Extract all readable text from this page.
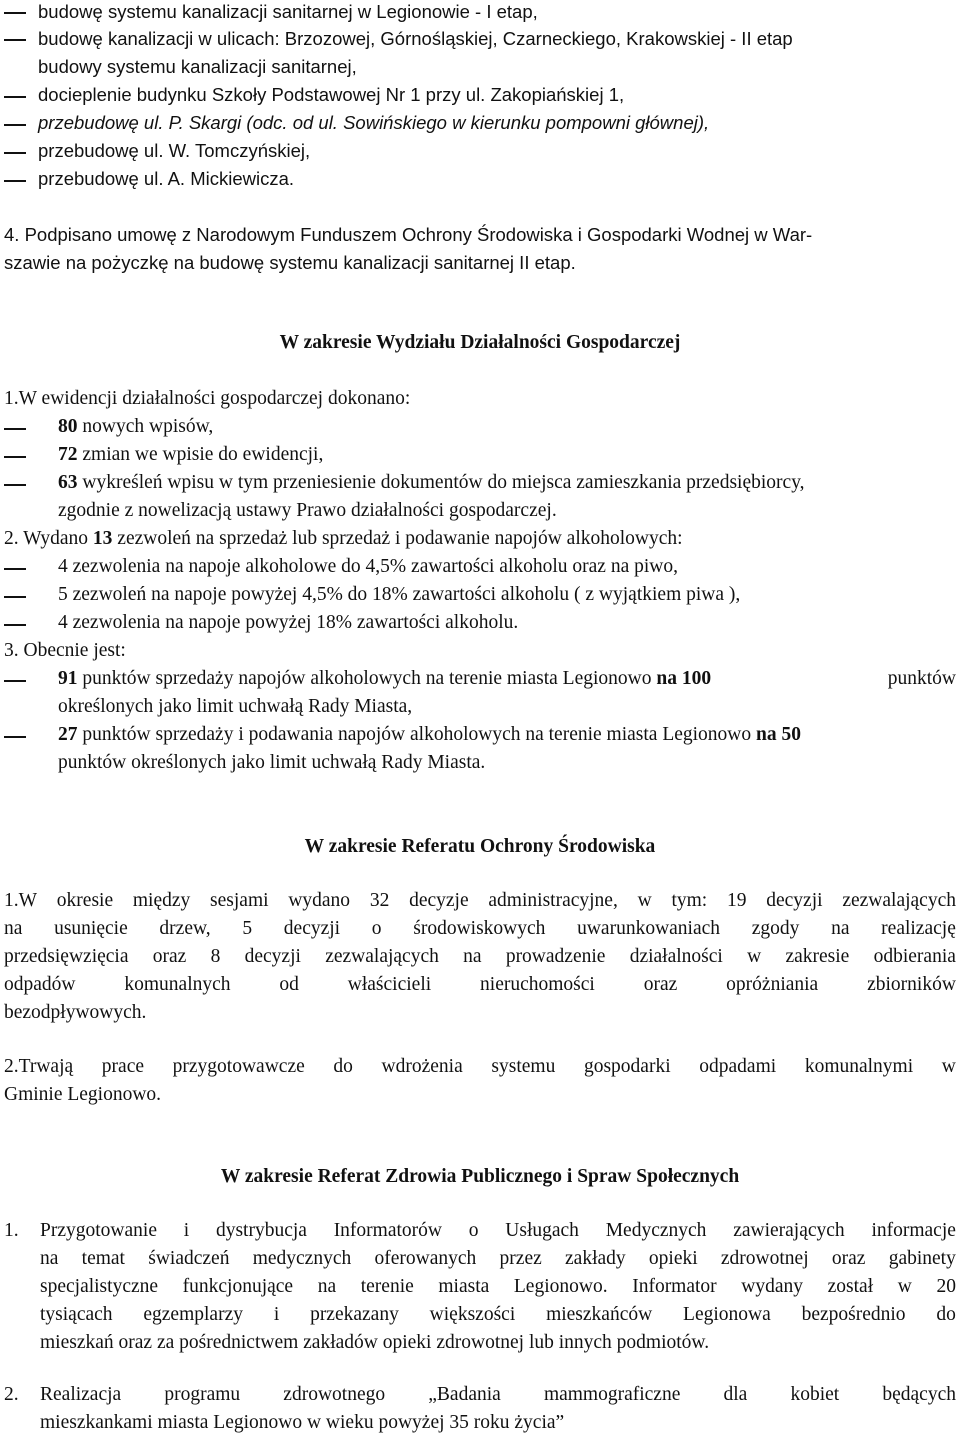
budowę systemu kanalizacji sanitarnej w Legionowie - I etap,
budowę kanalizacji w ulicach: Brzozowej, Górnośląskiej, Czarneckiego, Krakowskiej - II etap
budowy systemu kanalizacji sanitarnej,
docieplenie budynku Szkoły Podstawowej Nr 1 przy ul. Zakopiańskiej 1,
przebudowę ul. P. Skargi (odc. od ul. Sowińskiego w kierunku pompowni głównej),
przebudowę ul. W. Tomczyńskiej,
przebudowę ul. A. Mickiewicza.
4. Podpisano umowę z Narodowym Funduszem Ochrony Środowiska i Gospodarki Wodnej w War-
szawie na pożyczkę na budowę systemu kanalizacji sanitarnej II etap.
W zakresie Wydziału Działalności Gospodarczej
1.W ewidencji działalności gospodarczej dokonano:
80 nowych wpisów,
72 zmian we wpisie do ewidencji,
63 wykreśleń wpisu w tym przeniesienie dokumentów do miejsca zamieszkania przedsiębiorcy,
zgodnie z nowelizacją ustawy Prawo działalności gospodarczej.
2. Wydano 13 zezwoleń na sprzedaż lub sprzedaż i podawanie napojów alkoholowych:
4 zezwolenia na napoje alkoholowe do 4,5% zawartości alkoholu oraz na piwo,
5 zezwoleń na napoje powyżej 4,5% do 18% zawartości alkoholu ( z wyjątkiem piwa ),
4 zezwolenia na napoje powyżej 18% zawartości alkoholu.
3. Obecnie jest:
91 punktów sprzedaży napojów alkoholowych na terenie miasta Legionowo na 100	punktów
określonych jako limit uchwałą Rady Miasta,
27 punktów sprzedaży i podawania napojów alkoholowych na terenie miasta Legionowo na 50
punktów określonych jako limit uchwałą Rady Miasta.
W zakresie Referatu Ochrony Środowiska
1.W okresie między sesjami wydano 32 decyzje administracyjne, w tym: 19 decyzji zezwalających
na usunięcie drzew, 5 decyzji o środowiskowych uwarunkowaniach zgody na realizację
przedsięwzięcia oraz 8 decyzji zezwalających na prowadzenie działalności w zakresie odbierania
odpadów	komunalnych	od	właścicieli	nieruchomości	oraz	opróżniania	zbiorników
bezodpływowych.
2.Trwają prace przygotowawcze do wdrożenia systemu gospodarki odpadami komunalnymi w
Gminie Legionowo.
W zakresie Referat Zdrowia Publicznego i Spraw Społecznych
1. Przygotowanie i dystrybucja Informatorów o Usługach Medycznych zawierających informacje
na temat świadczeń medycznych oferowanych przez zakłady opieki zdrowotnej oraz gabinety
specjalistyczne funkcjonujące na terenie miasta Legionowo. Informator wydany został w 20
tysiącach egzemplarzy i przekazany większości mieszkańców Legionowa bezpośrednio do
mieszkań oraz za pośrednictwem zakładów opieki zdrowotnej lub innych podmiotów.
2. Realizacja programu zdrowotnego „Badania mammograficzne dla kobiet będących
mieszkankami miasta Legionowo w wieku powyżej 35 roku życia”
